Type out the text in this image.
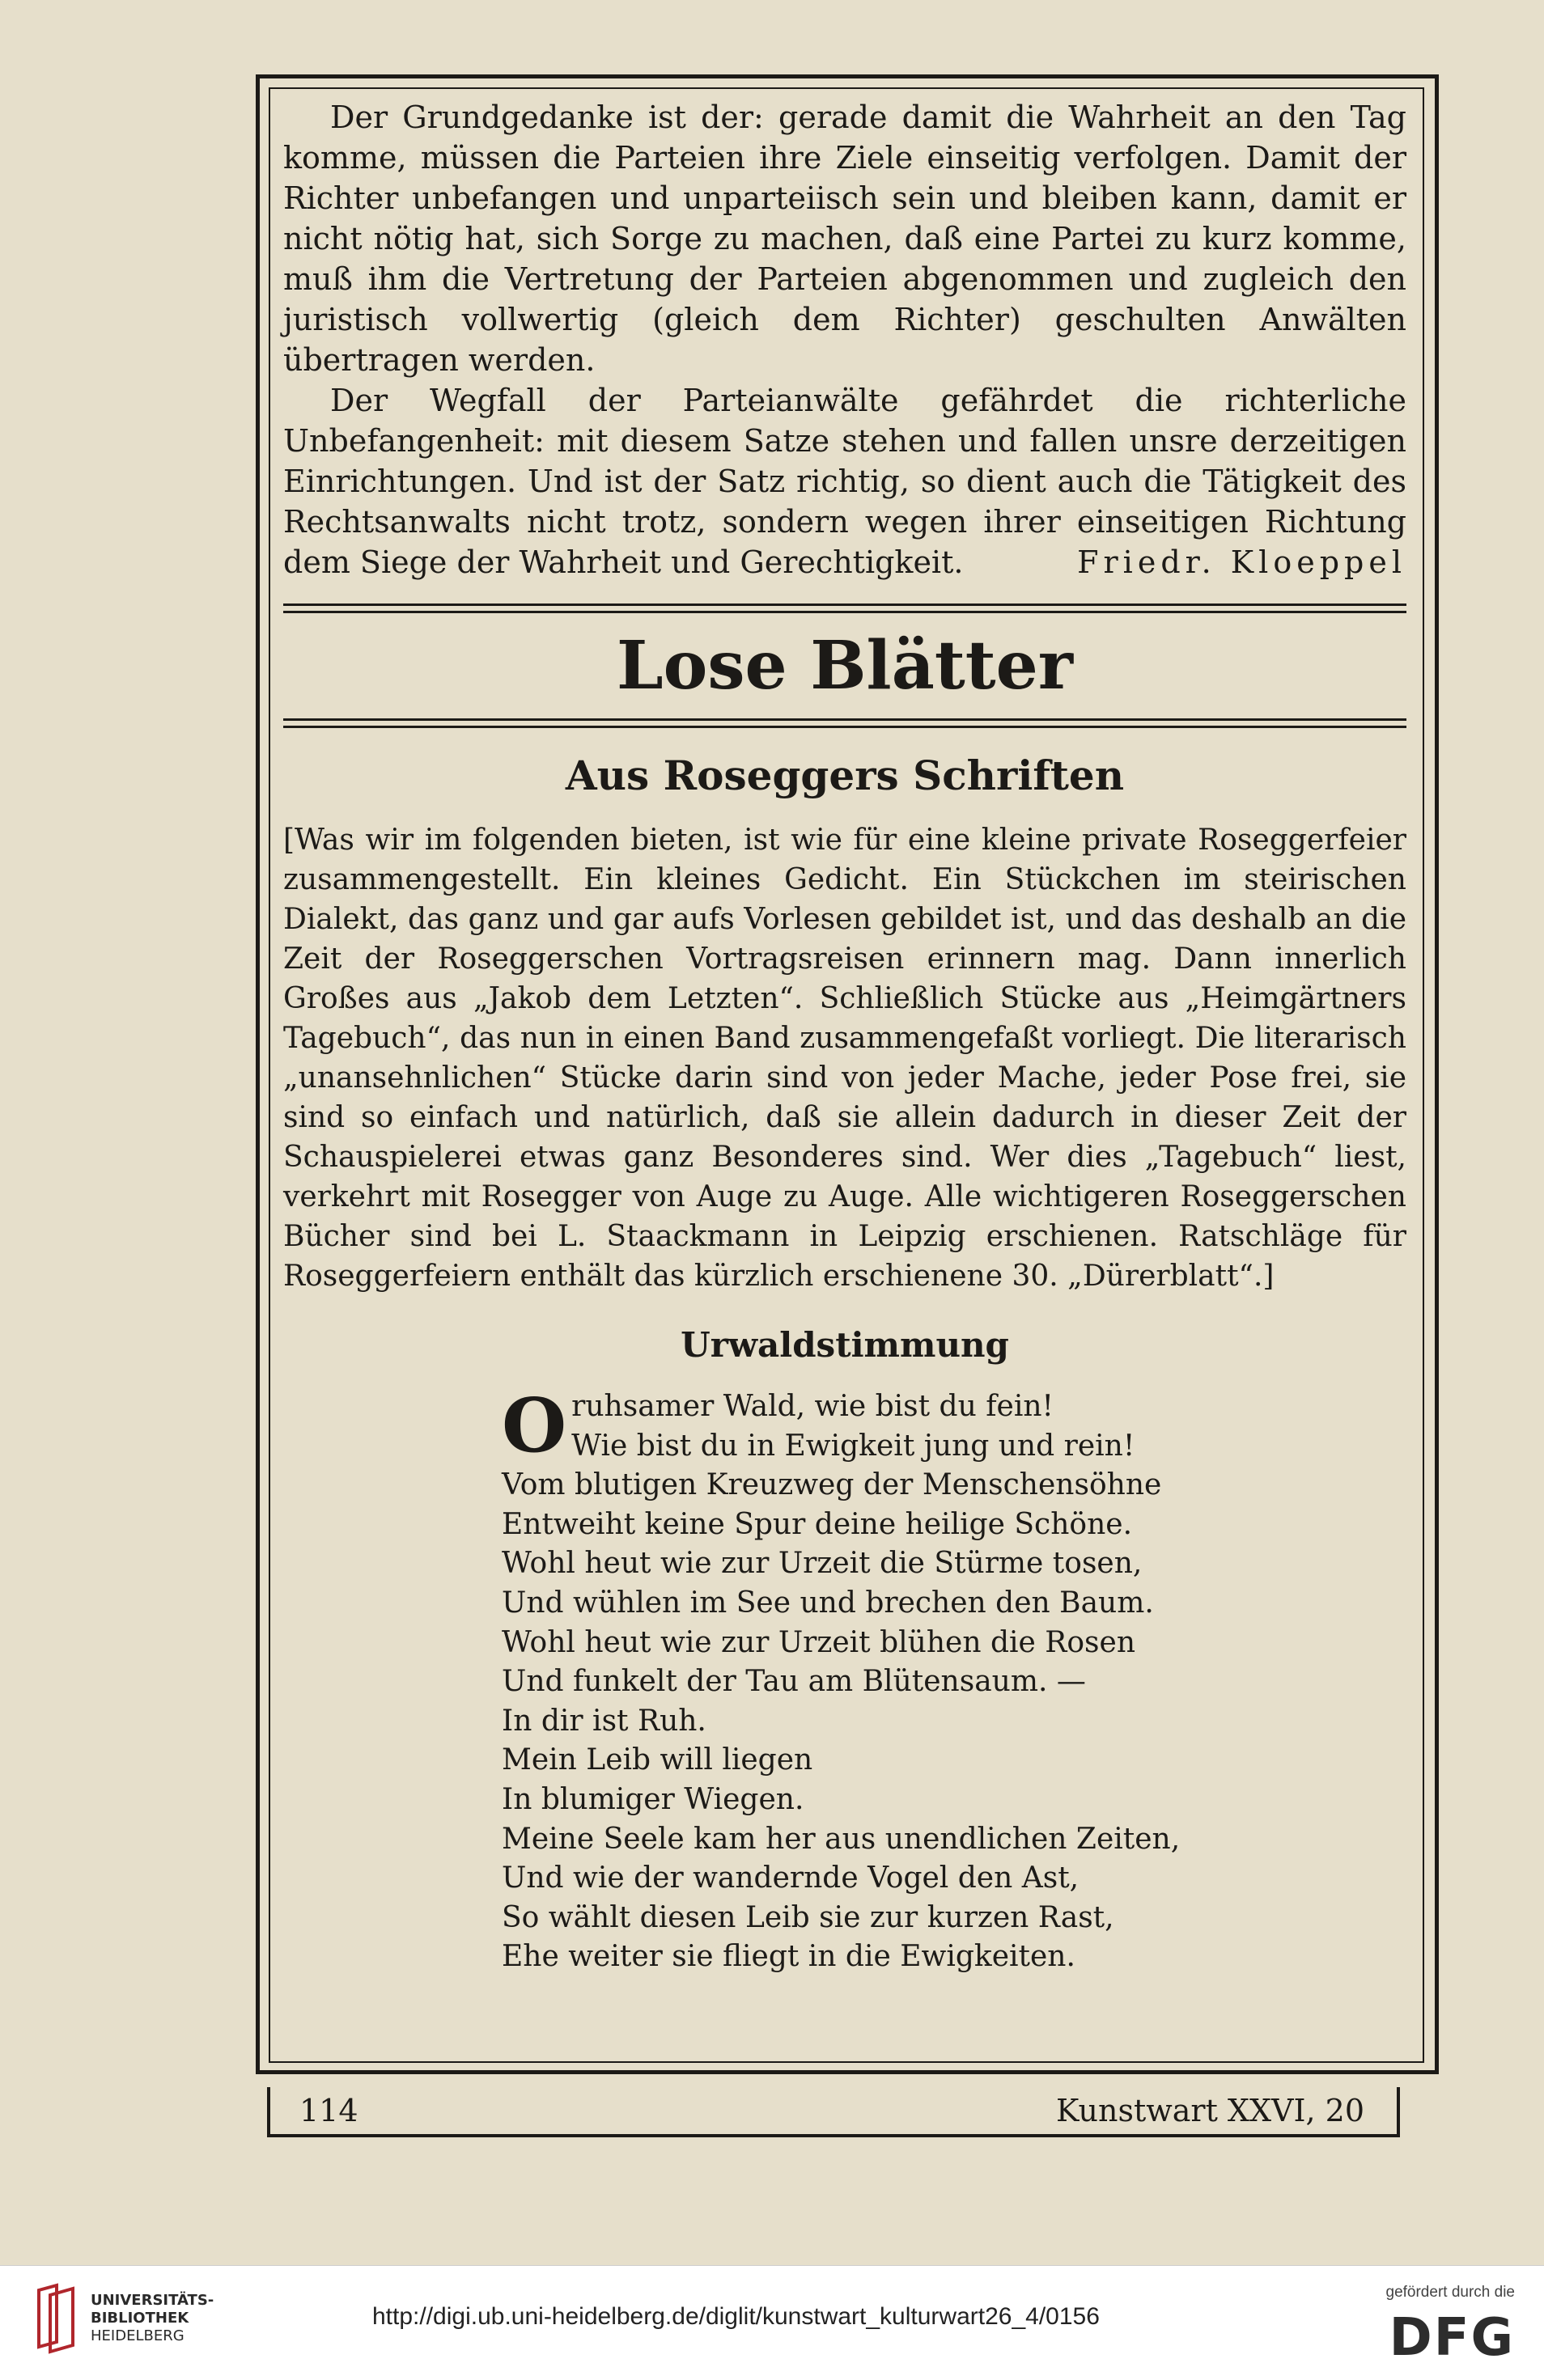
Der Grundgedanke ist der: gerade damit die Wahrheit an den Tag komme, müssen die Parteien ihre Ziele einseitig verfolgen. Damit der Richter unbefangen und unparteiisch sein und bleiben kann, damit er nicht nötig hat, sich Sorge zu machen, daß eine Partei zu kurz komme, muß ihm die Vertretung der Parteien abgenommen und zugleich den juristisch vollwertig (gleich dem Richter) geschulten Anwälten übertragen werden.

Der Wegfall der Parteianwälte gefährdet die richterliche Unbefangenheit: mit diesem Satze stehen und fallen unsre derzeitigen Einrichtungen. Und ist der Satz richtig, so dient auch die Tätigkeit des Rechtsanwalts nicht trotz, sondern wegen ihrer einseitigen Richtung dem Siege der Wahrheit und Gerechtigkeit.	Friedr. Kloeppel

Lose Blätter
Aus Roseggers Schriften

[Was wir im folgenden bieten, ist wie für eine kleine private Roseggerfeier zusammengestellt. Ein kleines Gedicht. Ein Stückchen im steirischen Dialekt, das ganz und gar aufs Vorlesen gebildet ist, und das deshalb an die Zeit der Roseggerschen Vortragsreisen erinnern mag. Dann innerlich Großes aus „Jakob dem Letzten“. Schließlich Stücke aus „Heimgärtners Tagebuch“, das nun in einen Band zusammengefaßt vorliegt. Die literarisch „unansehnlichen“ Stücke darin sind von jeder Mache, jeder Pose frei, sie sind so einfach und natürlich, daß sie allein dadurch in dieser Zeit der Schauspielerei etwas ganz Besonderes sind. Wer dies „Tagebuch“ liest, verkehrt mit Rosegger von Auge zu Auge. Alle wichtigeren Roseggerschen Bücher sind bei L. Staackmann in Leipzig erschienen. Ratschläge für Roseggerfeiern enthält das kürzlich erschienene 30. „Dürerblatt“.]

Urwaldstimmung
Oruhsamer Wald, wie bist du fein!
Wie bist du in Ewigkeit jung und rein!
Vom blutigen Kreuzweg der Menschensöhne
Entweiht keine Spur deine heilige Schöne.
Wohl heut wie zur Urzeit die Stürme tosen,
Und wühlen im See und brechen den Baum.
Wohl heut wie zur Urzeit blühen die Rosen
Und funkelt der Tau am Blütensaum. —
In dir ist Ruh.
Mein Leib will liegen
In blumiger Wiegen.
Meine Seele kam her aus unendlichen Zeiten,
Und wie der wandernde Vogel den Ast,
So wählt diesen Leib sie zur kurzen Rast,
Ehe weiter sie fliegt in die Ewigkeiten.
114	Kunstwart XXVI, 20
UNIVERSITÄTS-
BIBLIOTHEK
HEIDELBERG
http://digi.ub.uni-heidelberg.de/diglit/kunstwart_kulturwart26_4/0156
gefördert durch die
DFG
